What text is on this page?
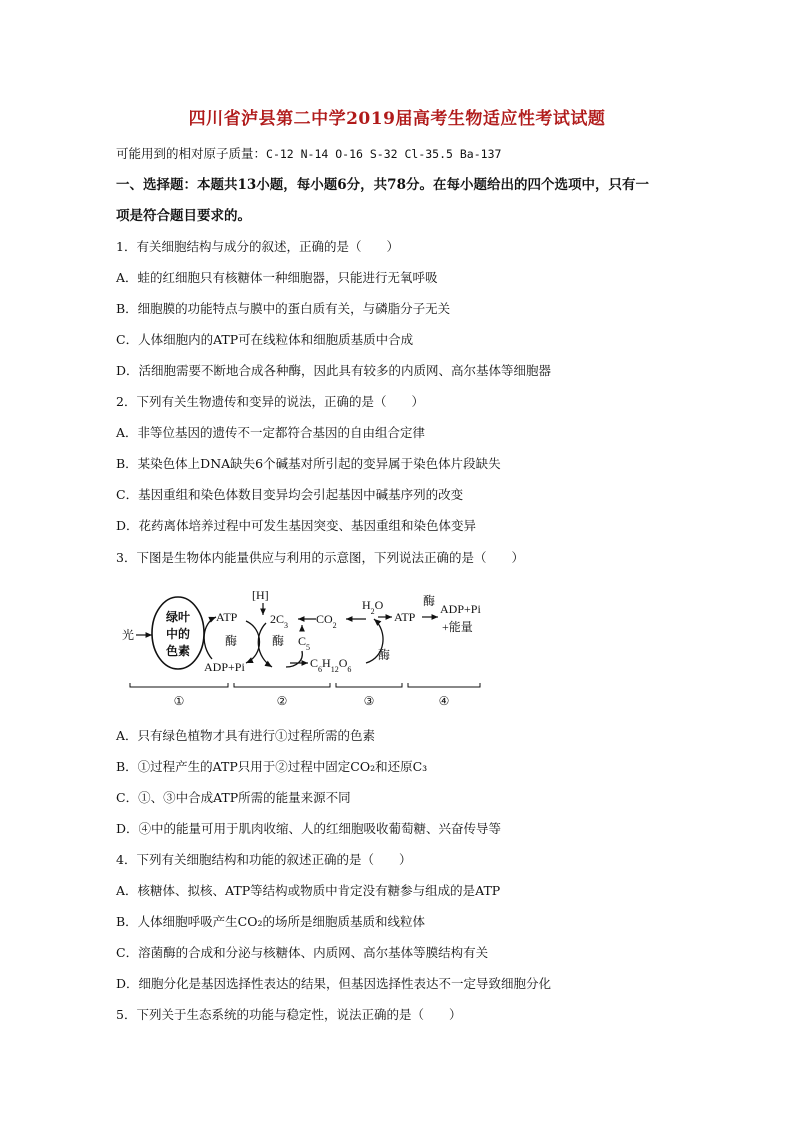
四川省泸县第二中学2019届高考生物适应性考试试题
可能用到的相对原子质量：C-12 N-14 O-16 S-32 Cl-35.5 Ba-137
一、选择题：本题共13小题，每小题6分，共78分。在每小题给出的四个选项中，只有一
项是符合题目要求的。
1．有关细胞结构与成分的叙述，正确的是（　　）
A．蛙的红细胞只有核糖体一种细胞器，只能进行无氧呼吸
B．细胞膜的功能特点与膜中的蛋白质有关，与磷脂分子无关
C．人体细胞内的ATP可在线粒体和细胞质基质中合成
D．活细胞需要不断地合成各种酶，因此具有较多的内质网、高尔基体等细胞器
2．下列有关生物遗传和变异的说法，正确的是（　　）
A．非等位基因的遗传不一定都符合基因的自由组合定律
B．某染色体上DNA缺失6个碱基对所引起的变异属于染色体片段缺失
C．基因重组和染色体数目变异均会引起基因中碱基序列的改变
D．花药离体培养过程中可发生基因突变、基因重组和染色体变异
3．下图是生物体内能量供应与利用的示意图，下列说法正确的是（　　）
光
绿叶
中的
色素
ATP
酶
ADP+Pi
[H]
$2C_3$
酶 $C_5$
$CO_2$
$C_6H_{12}O_6$
$H_2O$
酶
ATP
酶
ADP+Pi
+能量
①	②	③	④
A．只有绿色植物才具有进行①过程所需的色素
B．①过程产生的ATP只用于②过程中固定CO₂和还原C₃
C．①、③中合成ATP所需的能量来源不同
D．④中的能量可用于肌肉收缩、人的红细胞吸收葡萄糖、兴奋传导等
4．下列有关细胞结构和功能的叙述正确的是（　　）
A．核糖体、拟核、ATP等结构或物质中肯定没有糖参与组成的是ATP
B．人体细胞呼吸产生CO₂的场所是细胞质基质和线粒体
C．溶菌酶的合成和分泌与核糖体、内质网、高尔基体等膜结构有关
D．细胞分化是基因选择性表达的结果，但基因选择性表达不一定导致细胞分化
5．下列关于生态系统的功能与稳定性，说法正确的是（　　）
